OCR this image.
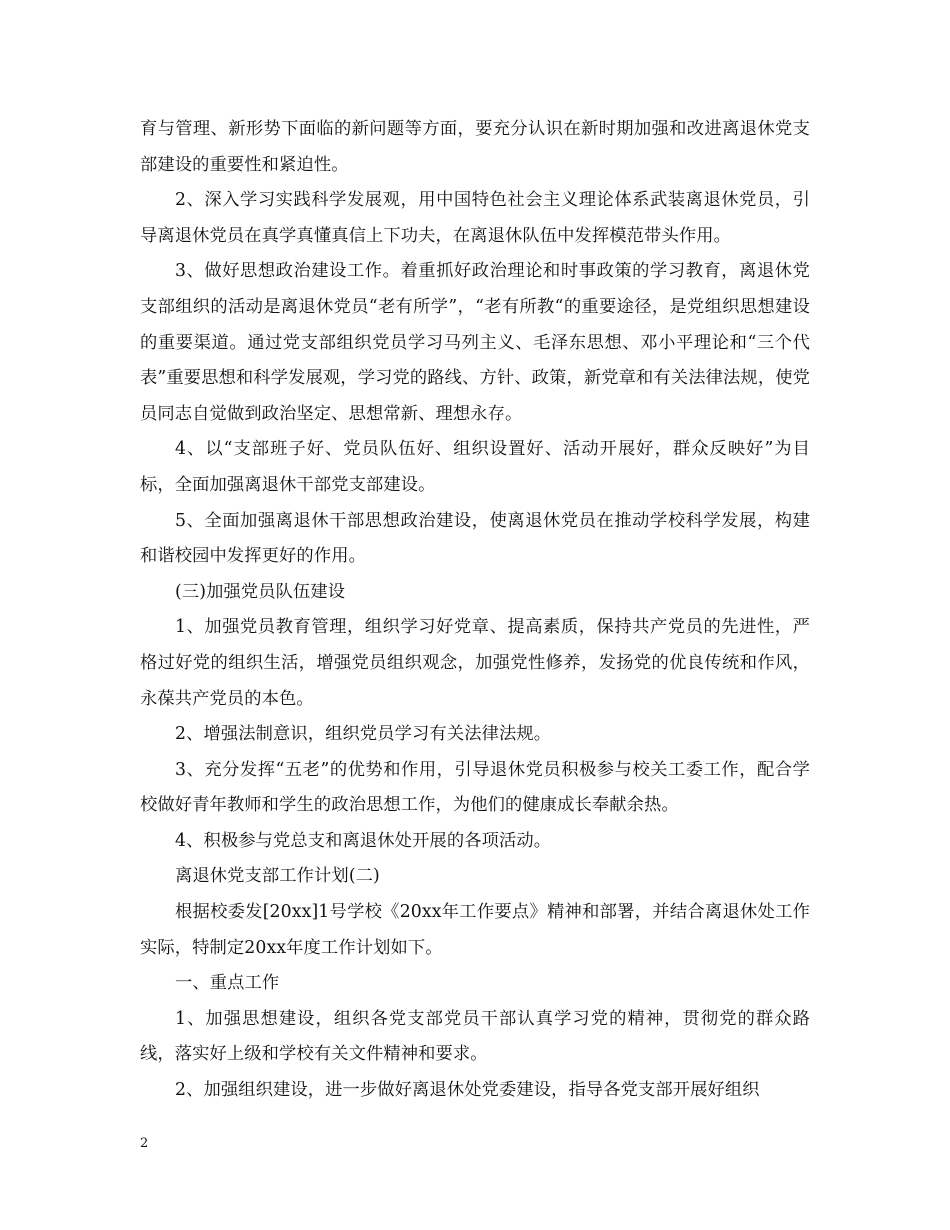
育与管理、新形势下面临的新问题等方面，要充分认识在新时期加强和改进离退休党支部建设的重要性和紧迫性。

2、深入学习实践科学发展观，用中国特色社会主义理论体系武装离退休党员，引导离退休党员在真学真懂真信上下功夫，在离退休队伍中发挥模范带头作用。

3、做好思想政治建设工作。着重抓好政治理论和时事政策的学习教育，离退休党支部组织的活动是离退休党员“老有所学”，“老有所教“的重要途径，是党组织思想建设的重要渠道。通过党支部组织党员学习马列主义、毛泽东思想、邓小平理论和“三个代表”重要思想和科学发展观，学习党的路线、方针、政策，新党章和有关法律法规，使党员同志自觉做到政治坚定、思想常新、理想永存。

4、以“支部班子好、党员队伍好、组织设置好、活动开展好，群众反映好”为目标，全面加强离退休干部党支部建设。

5、全面加强离退休干部思想政治建设，使离退休党员在推动学校科学发展，构建和谐校园中发挥更好的作用。

(三)加强党员队伍建设

1、加强党员教育管理，组织学习好党章、提高素质，保持共产党员的先进性，严格过好党的组织生活，增强党员组织观念，加强党性修养，发扬党的优良传统和作风，永葆共产党员的本色。

2、增强法制意识，组织党员学习有关法律法规。

3、充分发挥“五老”的优势和作用，引导退休党员积极参与校关工委工作，配合学校做好青年教师和学生的政治思想工作，为他们的健康成长奉献余热。

4、积极参与党总支和离退休处开展的各项活动。

离退休党支部工作计划(二)

根据校委发[20xx]1号学校《20xx年工作要点》精神和部署，并结合离退休处工作实际，特制定20xx年度工作计划如下。

一、重点工作

1、加强思想建设，组织各党支部党员干部认真学习党的精神，贯彻党的群众路线，落实好上级和学校有关文件精神和要求。

2、加强组织建设，进一步做好离退休处党委建设，指导各党支部开展好组织

2
